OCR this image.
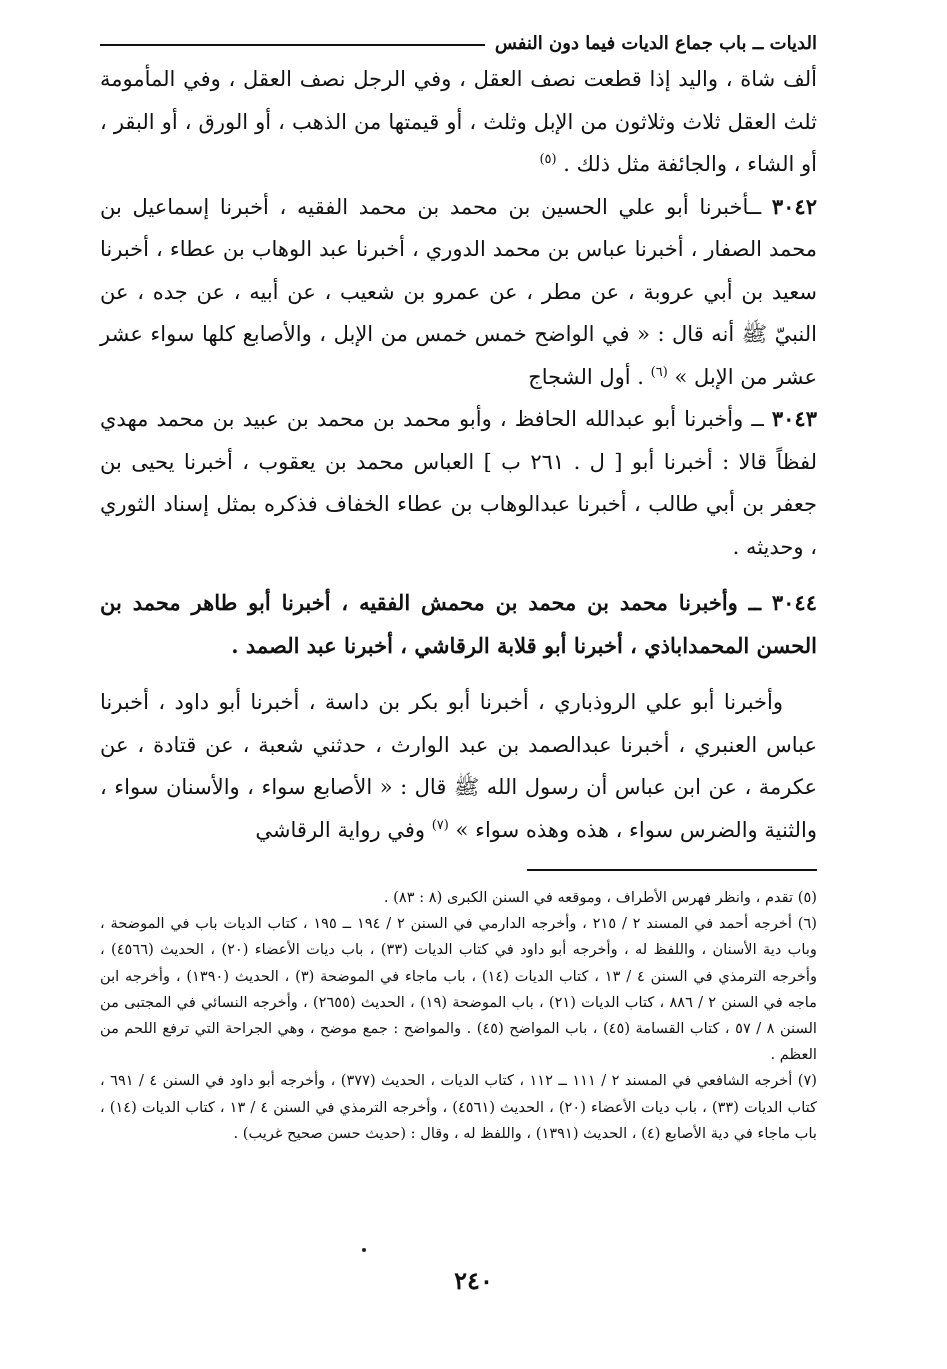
الديات ــ باب جماع الديات فيما دون النفس

ألف شاة ، واليد إذا قطعت نصف العقل ، وفي الرجل نصف العقل ، وفي المأمومة ثلث العقل ثلاث وثلاثون من الإبل وثلث ، أو قيمتها من الذهب ، أو الورق ، أو البقر ، أو الشاء ، والجائفة مثل ذلك . $^{(٥)}$

٣٠٤٢ ــأخبرنا أبو علي الحسين بن محمد بن محمد الفقيه ، أخبرنا إسماعيل بن محمد الصفار ، أخبرنا عباس بن محمد الدوري ، أخبرنا عبد الوهاب بن عطاء ، أخبرنا سعيد بن أبي عروبة ، عن مطر ، عن عمرو بن شعيب ، عن أبيه ، عن جده ، عن النبيّ ﷺ أنه قال : « في الواضح خمس خمس من الإبل ، والأصابع كلها سواء عشر عشر من الإبل » $^{(٦)}$ . أول الشجاج

٣٠٤٣ ــ وأخبرنا أبو عبدالله الحافظ ، وأبو محمد بن محمد بن عبيد بن محمد مهدي لفظاً قالا : أخبرنا أبو [ ل . ٢٦١ ب ] العباس محمد بن يعقوب ، أخبرنا يحيى بن جعفر بن أبي طالب ، أخبرنا عبدالوهاب بن عطاء الخفاف فذكره بمثل إسناد الثوري ، وحديثه .

٣٠٤٤ ــ وأخبرنا محمد بن محمد بن محمش الفقيه ، أخبرنا أبو طاهر محمد بن الحسن المحمداباذي ، أخبرنا أبو قلابة الرقاشي ، أخبرنا عبد الصمد .

وأخبرنا أبو علي الروذباري ، أخبرنا أبو بكر بن داسة ، أخبرنا أبو داود ، أخبرنا عباس العنبري ، أخبرنا عبدالصمد بن عبد الوارث ، حدثني شعبة ، عن قتادة ، عن عكرمة ، عن ابن عباس أن رسول الله ﷺ قال : « الأصابع سواء ، والأسنان سواء ، والثنية والضرس سواء ، هذه وهذه سواء » $^{(٧)}$ وفي رواية الرقاشي

(٥) تقدم ، وانظر فهرس الأطراف ، وموقعه في السنن الكبرى (٨ : ٨٣) .

(٦) أخرجه أحمد في المسند ٢ / ٢١٥ ، وأخرجه الدارمي في السنن ٢ / ١٩٤ ــ ١٩٥ ، كتاب الديات باب في الموضحة ، وباب دية الأسنان ، واللفظ له ، وأخرجه أبو داود في كتاب الديات (٣٣) ، باب ديات الأعضاء (٢٠) ، الحديث (٤٥٦٦) ، وأخرجه الترمذي في السنن ٤ / ١٣ ، كتاب الديات (١٤) ، باب ماجاء في الموضحة (٣) ، الحديث (١٣٩٠) ، وأخرجه ابن ماجه في السنن ٢ / ٨٨٦ ، كتاب الديات (٢١) ، باب الموضحة (١٩) ، الحديث (٢٦٥٥) ، وأخرجه النسائي في المجتبى من السنن ٨ / ٥٧ ، كتاب القسامة (٤٥) ، باب المواضح (٤٥) . والمواضح : جمع موضح ، وهي الجراحة التي ترفع اللحم من العظم .

(٧) أخرجه الشافعي في المسند ٢ / ١١١ ــ ١١٢ ، كتاب الديات ، الحديث (٣٧٧) ، وأخرجه أبو داود في السنن ٤ / ٦٩١ ، كتاب الديات (٣٣) ، باب ديات الأعضاء (٢٠) ، الحديث (٤٥٦١) ، وأخرجه الترمذي في السنن ٤ / ١٣ ، كتاب الديات (١٤) ، باب ماجاء في دية الأصابع (٤) ، الحديث (١٣٩١) ، واللفظ له ، وقال : (حديث حسن صحيح غريب) .

٢٤٠
